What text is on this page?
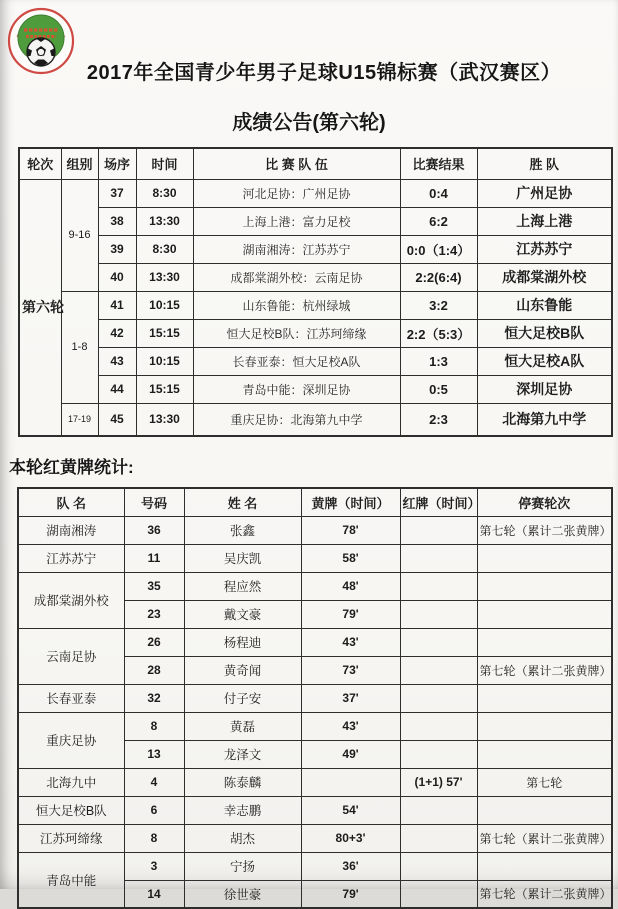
2017年全国青少年男子足球U15锦标赛（武汉赛区）
成绩公告(第六轮)
轮次	组别	场序	时间	比 赛 队 伍	比赛结果	胜 队
第六轮	9-16	37	8:30	河北足协：广州足协	0:4	广州足协
		38	13:30	上海上港：富力足校	6:2	上海上港
		39	8:30	湖南湘涛：江苏苏宁	0:0（1:4）	江苏苏宁
		40	13:30	成都棠湖外校：云南足协	2:2(6:4)	成都棠湖外校
	1-8	41	10:15	山东鲁能：杭州绿城	3:2	山东鲁能
		42	15:15	恒大足校B队：江苏珂缔缘	2:2（5:3）	恒大足校B队
		43	10:15	长春亚泰：恒大足校A队	1:3	恒大足校A队
		44	15:15	青岛中能：深圳足协	0:5	深圳足协
	17-19	45	13:30	重庆足协：北海第九中学	2:3	北海第九中学
本轮红黄牌统计:
队 名	号码	姓 名	黄牌（时间）	红牌（时间）	停赛轮次
湖南湘涛	36	张鑫	78'		第七轮（累计二张黄牌）
江苏苏宁	11	吴庆凯	58'		
成都棠湖外校	35	程应然	48'		
	23	戴文豪	79'		
云南足协	26	杨程迪	43'		
	28	黄奇闻	73'		第七轮（累计二张黄牌）
长春亚泰	32	付子安	37'		
重庆足协	8	黄磊	43'		
	13	龙泽文	49'		
北海九中	4	陈泰麟		(1+1) 57'	第七轮
恒大足校B队	6	幸志鹏	54'		
江苏珂缔缘	8	胡杰	80+3'		第七轮（累计二张黄牌）
青岛中能	3	宁扬	36'		
	14	徐世豪	79'		第七轮（累计二张黄牌）
